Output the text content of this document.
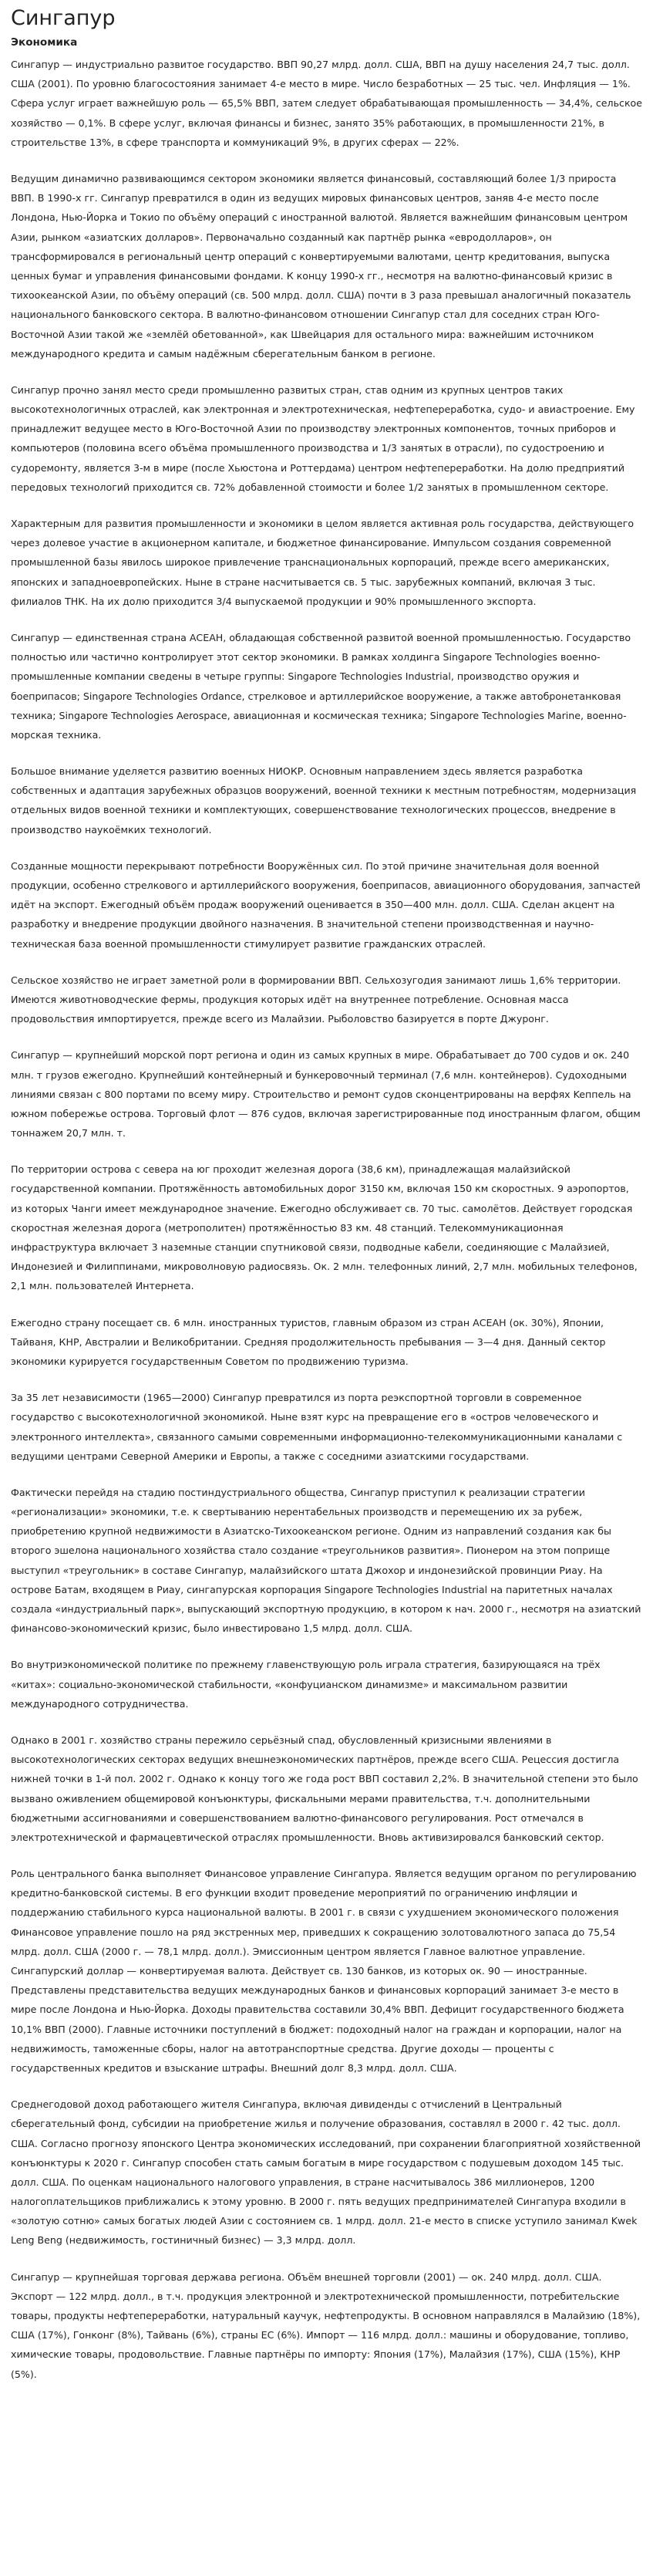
Сингапур
Экономика

Сингапур — индустриально развитое государство. ВВП 90,27 млрд. долл. США, ВВП на душу населения 24,7 тыс. долл. США (2001). По уровню благосостояния занимает 4-е место в мире. Число безработных — 25 тыс. чел. Инфляция — 1%. Сфера услуг играет важнейшую роль — 65,5% ВВП, затем следует обрабатывающая промышленность — 34,4%, сельское хозяйство — 0,1%. В сфере услуг, включая финансы и бизнес, занято 35% работающих, в промышленности 21%, в строительстве 13%, в сфере транспорта и коммуникаций 9%, в других сферах — 22%.

Ведущим динамично развивающимся сектором экономики является финансовый, составляющий более 1/3 прироста ВВП. В 1990-х гг. Сингапур превратился в один из ведущих мировых финансовых центров, заняв 4-е место после Лондона, Нью-Йорка и Токио по объёму операций с иностранной валютой. Является важнейшим финансовым центром Азии, рынком «азиатских долларов». Первоначально созданный как партнёр рынка «евродолларов», он трансформировался в региональный центр операций с конвертируемыми валютами, центр кредитования, выпуска ценных бумаг и управления финансовыми фондами. К концу 1990-х гг., несмотря на валютно-финансовый кризис в тихоокеанской Азии, по объёму операций (св. 500 млрд. долл. США) почти в 3 раза превышал аналогичный показатель национального банковского сектора. В валютно-финансовом отношении Сингапур стал для соседних стран Юго-Восточной Азии такой же «землёй обетованной», как Швейцария для остального мира: важнейшим источником международного кредита и самым надёжным сберегательным банком в регионе.

Сингапур прочно занял место среди промышленно развитых стран, став одним из крупных центров таких высокотехнологичных отраслей, как электронная и электротехническая, нефтепереработка, судо- и авиастроение. Ему принадлежит ведущее место в Юго-Восточной Азии по производству электронных компонентов, точных приборов и компьютеров (половина всего объёма промышленного производства и 1/3 занятых в отрасли), по судостроению и судоремонту, является 3-м в мире (после Хьюстона и Роттердама) центром нефтепереработки. На долю предприятий передовых технологий приходится св. 72% добавленной стоимости и более 1/2 занятых в промышленном секторе.

Характерным для развития промышленности и экономики в целом является активная роль государства, действующего через долевое участие в акционерном капитале, и бюджетное финансирование. Импульсом создания современной промышленной базы явилось широкое привлечение транснациональных корпораций, прежде всего американских, японских и западноевропейских. Ныне в стране насчитывается св. 5 тыс. зарубежных компаний, включая 3 тыс. филиалов ТНК. На их долю приходится 3/4 выпускаемой продукции и 90% промышленного экспорта.

Сингапур — единственная страна АСЕАН, обладающая собственной развитой военной промышленностью. Государство полностью или частично контролирует этот сектор экономики. В рамках холдинга Singapore Technologies военно-промышленные компании сведены в четыре группы: Singapore Technologies Industrial, производство оружия и боеприпасов; Singapore Technologies Ordance, стрелковое и артиллерийское вооружение, а также автобронетанковая техника; Singapore Technologies Aerospace, авиационная и космическая техника; Singapore Technologies Marine, военно-морская техника.

Большое внимание уделяется развитию военных НИОКР. Основным направлением здесь является разработка собственных и адаптация зарубежных образцов вооружений, военной техники к местным потребностям, модернизация отдельных видов военной техники и комплектующих, совершенствование технологических процессов, внедрение в производство наукоёмких технологий.

Созданные мощности перекрывают потребности Вооружённых сил. По этой причине значительная доля военной продукции, особенно стрелкового и артиллерийского вооружения, боеприпасов, авиационного оборудования, запчастей идёт на экспорт. Ежегодный объём продаж вооружений оценивается в 350—400 млн. долл. США. Сделан акцент на разработку и внедрение продукции двойного назначения. В значительной степени производственная и научно-техническая база военной промышленности стимулирует развитие гражданских отраслей.

Сельское хозяйство не играет заметной роли в формировании ВВП. Сельхозугодия занимают лишь 1,6% территории. Имеются животноводческие фермы, продукция которых идёт на внутреннее потребление. Основная масса продовольствия импортируется, прежде всего из Малайзии. Рыболовство базируется в порте Джуронг.

Сингапур — крупнейший морской порт региона и один из самых крупных в мире. Обрабатывает до 700 судов и ок. 240 млн. т грузов ежегодно. Крупнейший контейнерный и бункеровочный терминал (7,6 млн. контейнеров). Судоходными линиями связан с 800 портами по всему миру. Строительство и ремонт судов сконцентрированы на верфях Keппель на южном побережье острова. Торговый флот — 876 судов, включая зарегистрированные под иностранным флагом, общим тоннажем 20,7 млн. т.

По территории острова с севера на юг проходит железная дорога (38,6 км), принадлежащая малайзийской государственной компании. Протяжённость автомобильных дорог 3150 км, включая 150 км скоростных. 9 аэропортов, из которых Чанги имеет международное значение. Ежегодно обслуживает св. 70 тыс. самолётов. Действует городская скоростная железная дорога (метрополитен) протяжённостью 83 км. 48 станций. Телекоммуникационная инфраструктура включает 3 наземные станции спутниковой связи, подводные кабели, соединяющие с Малайзией, Индонезией и Филиппинами, микроволновую радиосвязь. Ок. 2 млн. телефонных линий, 2,7 млн. мобильных телефонов, 2,1 млн. пользователей Интернета.

Ежегодно страну посещает св. 6 млн. иностранных туристов, главным образом из стран АСЕАН (ок. 30%), Японии, Тайваня, КНР, Австралии и Великобритании. Средняя продолжительность пребывания — 3—4 дня. Данный сектор экономики курируется государственным Советом по продвижению туризма.

За 35 лет независимости (1965—2000) Сингапур превратился из порта реэкспортной торговли в современное государство с высокотехнологичной экономикой. Ныне взят курс на превращение его в «остров человеческого и электронного интеллекта», связанного самыми современными информационно-телекоммуникационными каналами с ведущими центрами Северной Америки и Европы, а также с соседними азиатскими государствами.

Фактически перейдя на стадию постиндустриального общества, Сингапур приступил к реализации стратегии «регионализации» экономики, т.е. к свертыванию нерентабельных производств и перемещению их за рубеж, приобретению крупной недвижимости в Азиатско-Тихоокеанском регионе. Одним из направлений создания как бы второго эшелона национального хозяйства стало создание «треугольников развития». Пионером на этом поприще выступил «треугольник» в составе Сингапур, малайзийского штата Джохор и индонезийской провинции Риау. На острове Батам, входящем в Риау, сингапурская корпорация Singapore Technologies Industrial на паритетных началах создала «индустриальный парк», выпускающий экспортную продукцию, в котором к нач. 2000 г., несмотря на азиатский финансово-экономический кризис, было инвестировано 1,5 млрд. долл. США.

Во внутриэкономической политике по прежнему главенствующую роль играла стратегия, базирующаяся на трёх «китах»: социально-экономической стабильности, «конфуцианском динамизме» и максимальном развитии международного сотрудничества.

Однако в 2001 г. хозяйство страны пережило серьёзный спад, обусловленный кризисными явлениями в высокотехнологических секторах ведущих внешнеэкономических партнёров, прежде всего США. Рецессия достигла нижней точки в 1-й пол. 2002 г. Однако к концу того же года рост ВВП составил 2,2%. В значительной степени это было вызвано оживлением общемировой конъюнктуры, фискальными мерами правительства, т.ч. дополнительными бюджетными ассигнованиями и совершенствованием валютно-финансового регулирования. Рост отмечался в электротехнической и фармацевтической отраслях промышленности. Вновь активизировался банковский сектор.

Роль центрального банка выполняет Финансовое управление Сингапура. Является ведущим органом по регулированию кредитно-банковской системы. В его функции входит проведение мероприятий по ограничению инфляции и поддержанию стабильного курса национальной валюты. В 2001 г. в связи с ухудшением экономического положения Финансовое управление пошло на ряд экстренных мер, приведших к сокращению золотовалютного запаса до 75,54 млрд. долл. США (2000 г. — 78,1 млрд. долл.). Эмиссионным центром является Главное валютное управление. Сингапурский доллар — конвертируемая валюта. Действует св. 130 банков, из которых ок. 90 — иностранные. Представлены представительства ведущих международных банков и финансовых корпораций занимает 3-е место в мире после Лондона и Нью-Йорка. Доходы правительства составили 30,4% ВВП. Дефицит государственного бюджета 10,1% ВВП (2000). Главные источники поступлений в бюджет: подоходный налог на граждан и корпорации, налог на недвижимость, таможенные сборы, налог на автотранспортные средства. Другие доходы — проценты с государственных кредитов и взыскание штрафы. Внешний долг 8,3 млрд. долл. США.

Среднегодовой доход работающего жителя Сингапура, включая дивиденды с отчислений в Центральный сберегательный фонд, субсидии на приобретение жилья и получение образования, составлял в 2000 г. 42 тыс. долл. США. Согласно прогнозу японского Центра экономических исследований, при сохранении благоприятной хозяйственной конъюнктуры к 2020 г. Сингапур способен стать самым богатым в мире государством с подушевым доходом 145 тыс. долл. США. По оценкам национального налогового управления, в стране насчитывалось 386 миллионеров, 1200 налогоплательщиков приближались к этому уровню. В 2000 г. пять ведущих предпринимателей Сингапура входили в «золотую сотню» самых богатых людей Азии с состоянием св. 1 млрд. долл. 21-е место в списке уступило занимал Kwek Leng Beng (недвижимость, гостиничный бизнес) — 3,3 млрд. долл.

Сингапур — крупнейшая торговая держава региона. Объём внешней торговли (2001) — ок. 240 млрд. долл. США. Экспорт — 122 млрд. долл., в т.ч. продукция электронной и электротехнической промышленности, потребительские товары, продукты нефтепереработки, натуральный каучук, нефтепродукты. В основном направлялся в Малайзию (18%), США (17%), Гонконг (8%), Тайвань (6%), страны ЕС (6%). Импорт — 116 млрд. долл.: машины и оборудование, топливо, химические товары, продовольствие. Главные партнёры по импорту: Япония (17%), Малайзия (17%), США (15%), КНР (5%).
